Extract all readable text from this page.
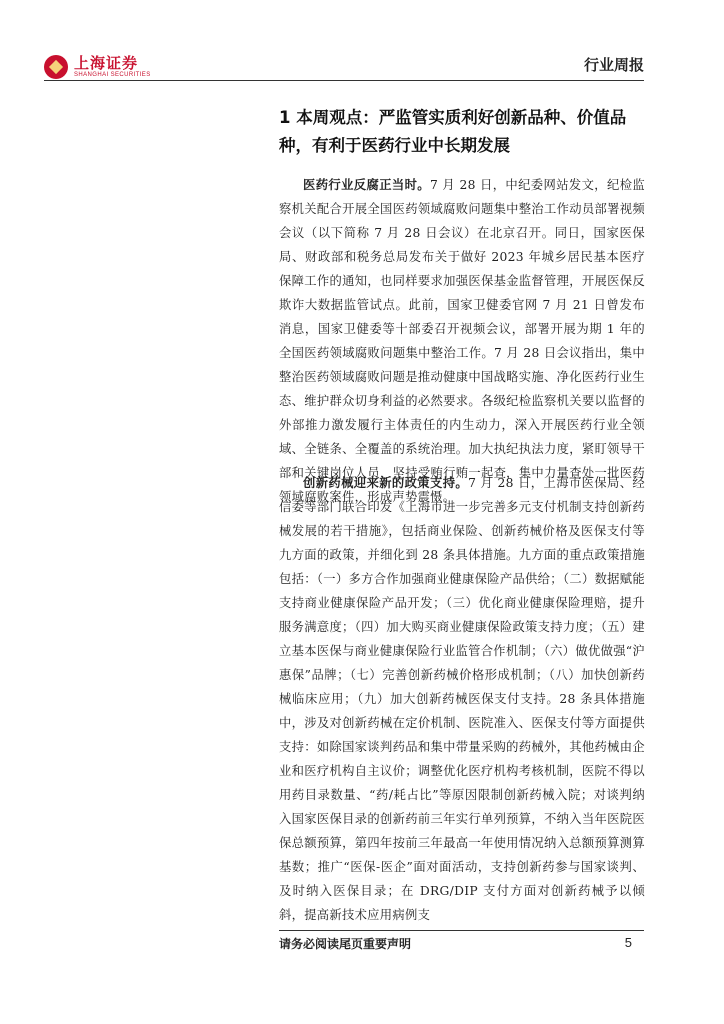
上海证券
SHANGHAI SECURITIES
行业周报
1 本周观点：严监管实质利好创新品种、价值品种，有利于医药行业中长期发展

医药行业反腐正当时。7 月 28 日，中纪委网站发文，纪检监察机关配合开展全国医药领域腐败问题集中整治工作动员部署视频会议（以下简称 7 月 28 日会议）在北京召开。同日，国家医保局、财政部和税务总局发布关于做好 2023 年城乡居民基本医疗保障工作的通知，也同样要求加强医保基金监督管理，开展医保反欺诈大数据监管试点。此前，国家卫健委官网 7 月 21 日曾发布消息，国家卫健委等十部委召开视频会议，部署开展为期 1 年的全国医药领域腐败问题集中整治工作。7 月 28 日会议指出，集中整治医药领域腐败问题是推动健康中国战略实施、净化医药行业生态、维护群众切身利益的必然要求。各级纪检监察机关要以监督的外部推力激发履行主体责任的内生动力，深入开展医药行业全领域、全链条、全覆盖的系统治理。加大执纪执法力度，紧盯领导干部和关键岗位人员，坚持受贿行贿一起查，集中力量查处一批医药领域腐败案件，形成声势震慑。

创新药械迎来新的政策支持。7 月 28 日，上海市医保局、经信委等部门联合印发《上海市进一步完善多元支付机制支持创新药械发展的若干措施》，包括商业保险、创新药械价格及医保支付等九方面的政策，并细化到 28 条具体措施。九方面的重点政策措施包括：（一）多方合作加强商业健康保险产品供给；（二）数据赋能支持商业健康保险产品开发；（三）优化商业健康保险理赔，提升服务满意度；（四）加大购买商业健康保险政策支持力度；（五）建立基本医保与商业健康保险行业监管合作机制；（六）做优做强“沪惠保”品牌；（七）完善创新药械价格形成机制；（八）加快创新药械临床应用；（九）加大创新药械医保支付支持。28 条具体措施中，涉及对创新药械在定价机制、医院准入、医保支付等方面提供支持：如除国家谈判药品和集中带量采购的药械外，其他药械由企业和医疗机构自主议价；调整优化医疗机构考核机制，医院不得以用药目录数量、“药/耗占比”等原因限制创新药械入院；对谈判纳入国家医保目录的创新药前三年实行单列预算，不纳入当年医院医保总额预算，第四年按前三年最高一年使用情况纳入总额预算测算基数；推广“医保-医企”面对面活动，支持创新药参与国家谈判、及时纳入医保目录；在 DRG/DIP 支付方面对创新药械予以倾斜，提高新技术应用病例支

请务必阅读尾页重要声明	5
